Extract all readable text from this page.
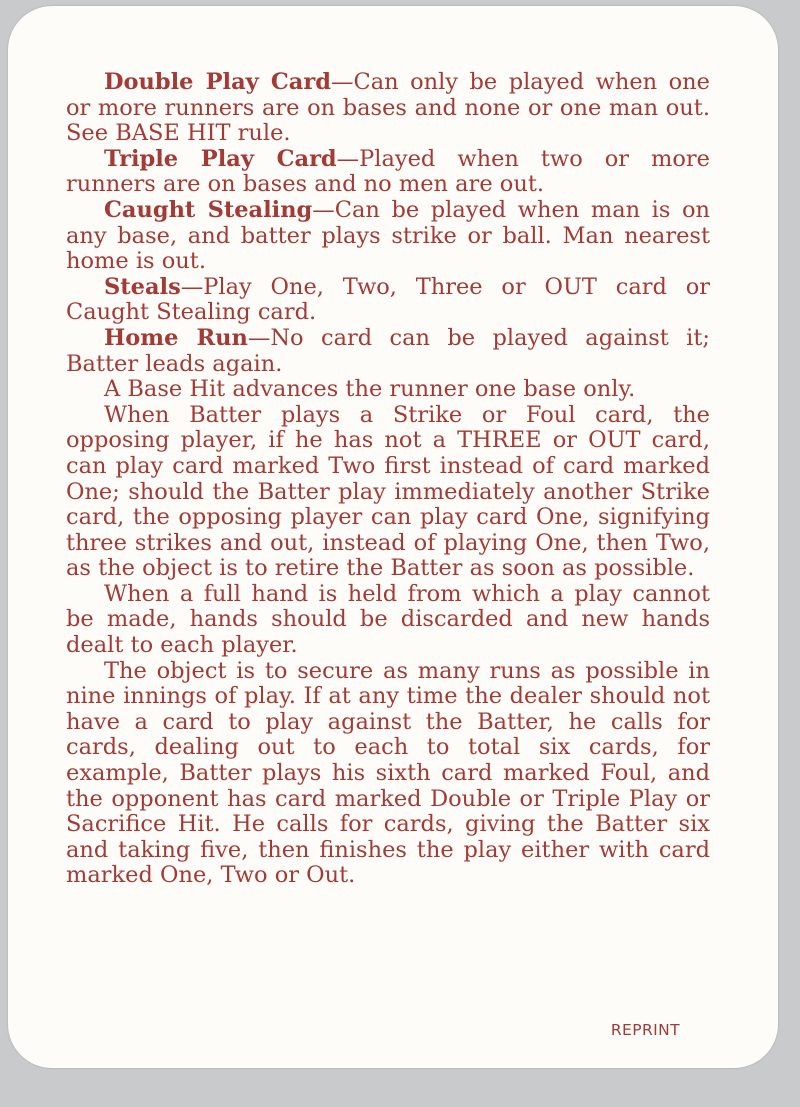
Double Play Card—Can only be played when one or more runners are on bases and none or one man out. See BASE HIT rule.

Triple Play Card—Played when two or more runners are on bases and no men are out.

Caught Stealing—Can be played when man is on any base, and batter plays strike or ball. Man nearest home is out.

Steals—Play One, Two, Three or OUT card or Caught Stealing card.

Home Run—No card can be played against it; Batter leads again.

A Base Hit advances the runner one base only.

When Batter plays a Strike or Foul card, the opposing player, if he has not a THREE or OUT card, can play card marked Two first instead of card marked One; should the Batter play immediately another Strike card, the opposing player can play card One, signifying three strikes and out, instead of playing One, then Two, as the object is to retire the Batter as soon as possible.

When a full hand is held from which a play cannot be made, hands should be discarded and new hands dealt to each player.

The object is to secure as many runs as possible in nine innings of play. If at any time the dealer should not have a card to play against the Batter, he calls for cards, dealing out to each to total six cards, for example, Batter plays his sixth card marked Foul, and the opponent has card marked Double or Triple Play or Sacrifice Hit. He calls for cards, giving the Batter six and taking five, then finishes the play either with card marked One, Two or Out.

REPRINT
